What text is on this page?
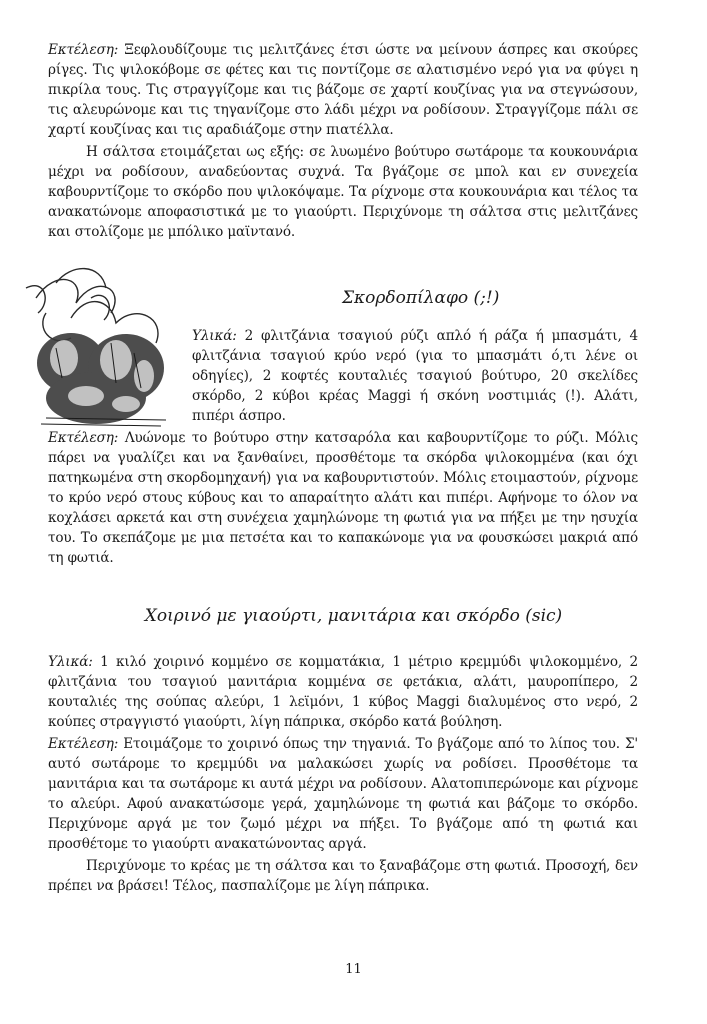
Εκτέλεση: Ξεφλουδίζουμε τις μελιτζάνες έτσι ώστε να μείνουν άσπρες και σκούρες ρίγες. Τις ψιλοκόβομε σε φέτες και τις ποντίζομε σε αλατισμένο νερό για να φύγει η πικρίλα τους. Τις στραγγίζομε και τις βάζομε σε χαρτί κουζίνας για να στεγνώσουν, τις αλευρώνομε και τις τηγανίζομε στο λάδι μέχρι να ροδίσουν. Στραγγίζομε πάλι σε χαρτί κουζίνας και τις αραδιάζομε στην πιατέλλα.

Η σάλτσα ετοιμάζεται ως εξής: σε λυωμένο βούτυρο σωτάρομε τα κουκουνάρια μέχρι να ροδίσουν, αναδεύοντας συχνά. Τα βγάζομε σε μπολ και εν συνεχεία καβουρντίζομε το σκόρδο που ψιλοκόψαμε. Τα ρίχνομε στα κουκουνάρια και τέλος τα ανακατώνομε αποφασιστικά με το γιαούρτι. Περιχύνομε τη σάλτσα στις μελιτζάνες και στολίζομε με μπόλικο μαϊντανό.

Σκορδοπίλαφο (;!)

Υλικά: 2 φλιτζάνια τσαγιού ρύζι απλό ή ράζα ή μπασμάτι, 4 φλιτζάνια τσαγιού κρύο νερό (για το μπασμάτι ό,τι λένε οι οδηγίες), 2 κοφτές κουταλιές τσαγιού βούτυρο, 20 σκελίδες σκόρδο, 2 κύβοι κρέας Maggi ή σκόνη νοστιμιάς (!). Αλάτι, πιπέρι άσπρο.

Εκτέλεση: Λυώνομε το βούτυρο στην κατσαρόλα και καβουρντίζομε το ρύζι. Μόλις πάρει να γυαλίζει και να ξανθαίνει, προσθέτομε τα σκόρδα ψιλοκομμένα (και όχι πατηκωμένα στη σκορδομηχανή) για να καβουρντιστούν. Μόλις ετοιμαστούν, ρίχνομε το κρύο νερό στους κύβους και το απαραίτητο αλάτι και πιπέρι. Αφήνομε το όλον να κοχλάσει αρκετά και στη συνέχεια χαμηλώνομε τη φωτιά για να πήξει με την ησυχία του. Το σκεπάζομε με μια πετσέτα και το καπακώνομε για να φουσκώσει μακριά από τη φωτιά.

Χοιρινό με γιαούρτι, μανιτάρια και σκόρδο (sic)

Υλικά: 1 κιλό χοιρινό κομμένο σε κομματάκια, 1 μέτριο κρεμμύδι ψιλοκομμένο, 2 φλιτζάνια του τσαγιού μανιτάρια κομμένα σε φετάκια, αλάτι, μαυροπίπερο, 2 κουταλιές της σούπας αλεύρι, 1 λεϊμόνι, 1 κύβος Maggi διαλυμένος στο νερό, 2 κούπες στραγγιστό γιαούρτι, λίγη πάπρικα, σκόρδο κατά βούληση.

Εκτέλεση: Ετοιμάζομε το χοιρινό όπως την τηγανιά. Το βγάζομε από το λίπος του. Σ' αυτό σωτάρομε το κρεμμύδι να μαλακώσει χωρίς να ροδίσει. Προσθέτομε τα μανιτάρια και τα σωτάρομε κι αυτά μέχρι να ροδίσουν. Αλατοπιπερώνομε και ρίχνομε το αλεύρι. Αφού ανακατώσομε γερά, χαμηλώνομε τη φωτιά και βάζομε το σκόρδο. Περιχύνομε αργά με τον ζωμό μέχρι να πήξει. Το βγάζομε από τη φωτιά και προσθέτομε το γιαούρτι ανακατώνοντας αργά.

Περιχύνομε το κρέας με τη σάλτσα και το ξαναβάζομε στη φωτιά. Προσοχή, δεν πρέπει να βράσει! Τέλος, πασπαλίζομε με λίγη πάπρικα.

11
